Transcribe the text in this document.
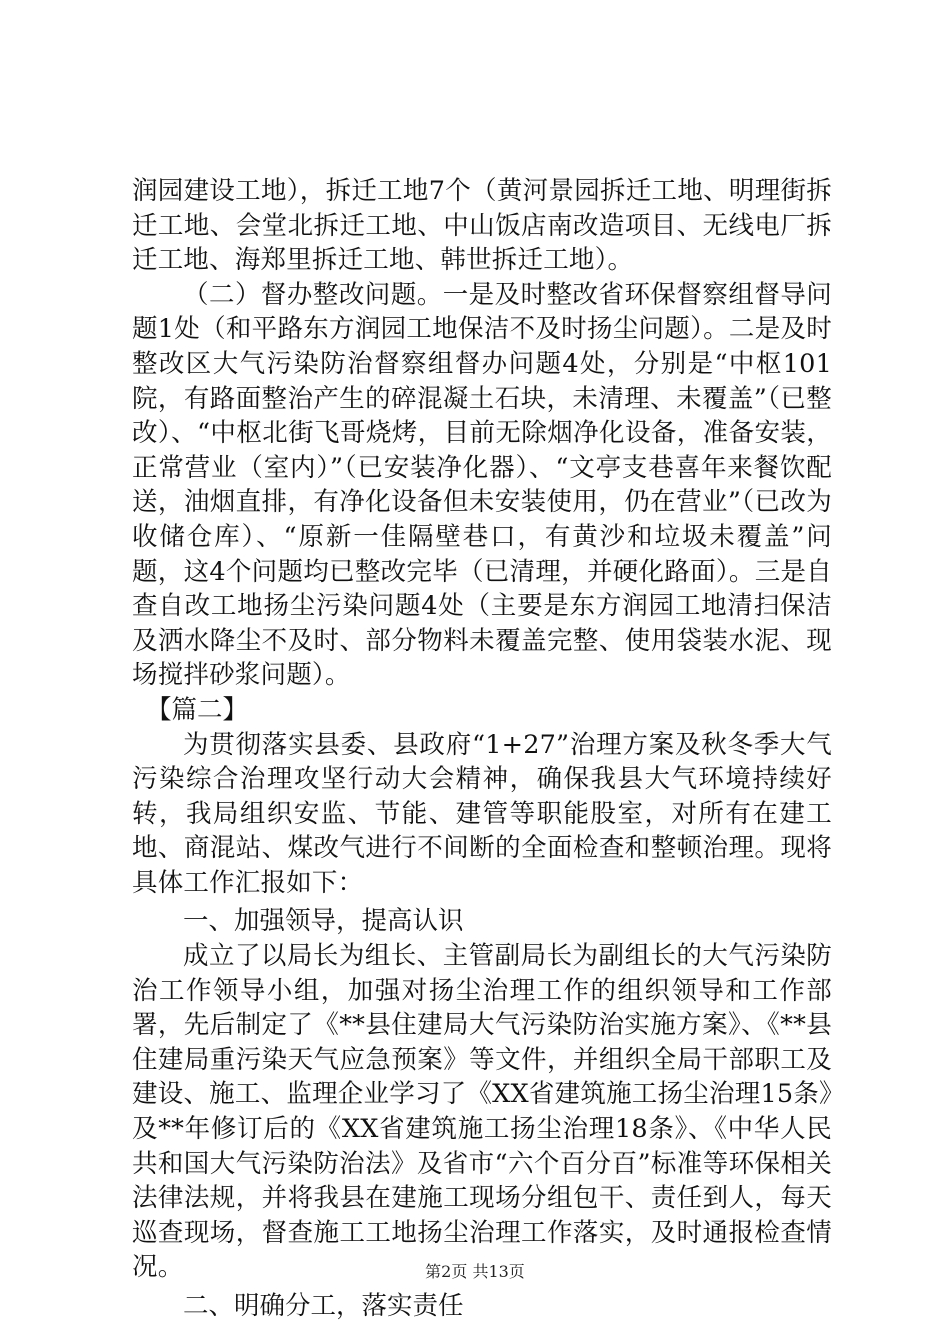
润园建设工地），拆迁工地7个（黄河景园拆迁工地、明理街拆迁工地、会堂北拆迁工地、中山饭店南改造项目、无线电厂拆迁工地、海郑里拆迁工地、韩世拆迁工地）。

（二）督办整改问题。一是及时整改省环保督察组督导问题1处（和平路东方润园工地保洁不及时扬尘问题）。二是及时整改区大气污染防治督察组督办问题4处，分别是“中枢101院，有路面整治产生的碎混凝土石块，未清理、未覆盖”（已整改）、“中枢北街飞哥烧烤，目前无除烟净化设备，准备安装，正常营业（室内）”（已安装净化器）、“文亭支巷喜年来餐饮配送，油烟直排，有净化设备但未安装使用，仍在营业”（已改为收储仓库）、“原新一佳隔壁巷口，有黄沙和垃圾未覆盖”问题，这4个问题均已整改完毕（已清理，并硬化路面）。三是自查自改工地扬尘污染问题4处（主要是东方润园工地清扫保洁及洒水降尘不及时、部分物料未覆盖完整、使用袋装水泥、现场搅拌砂浆问题）。

【篇二】

为贯彻落实县委、县政府“1+27”治理方案及秋冬季大气污染综合治理攻坚行动大会精神，确保我县大气环境持续好转，我局组织安监、节能、建管等职能股室，对所有在建工地、商混站、煤改气进行不间断的全面检查和整顿治理。现将具体工作汇报如下：

一、加强领导，提高认识

成立了以局长为组长、主管副局长为副组长的大气污染防治工作领导小组，加强对扬尘治理工作的组织领导和工作部署，先后制定了《**县住建局大气污染防治实施方案》、《**县住建局重污染天气应急预案》等文件，并组织全局干部职工及建设、施工、监理企业学习了《XX省建筑施工扬尘治理15条》及**年修订后的《XX省建筑施工扬尘治理18条》、《中华人民共和国大气污染防治法》及省市“六个百分百”标准等环保相关法律法规，并将我县在建施工现场分组包干、责任到人，每天巡查现场，督查施工工地扬尘治理工作落实，及时通报检查情况。

二、明确分工，落实责任

第2页 共13页
